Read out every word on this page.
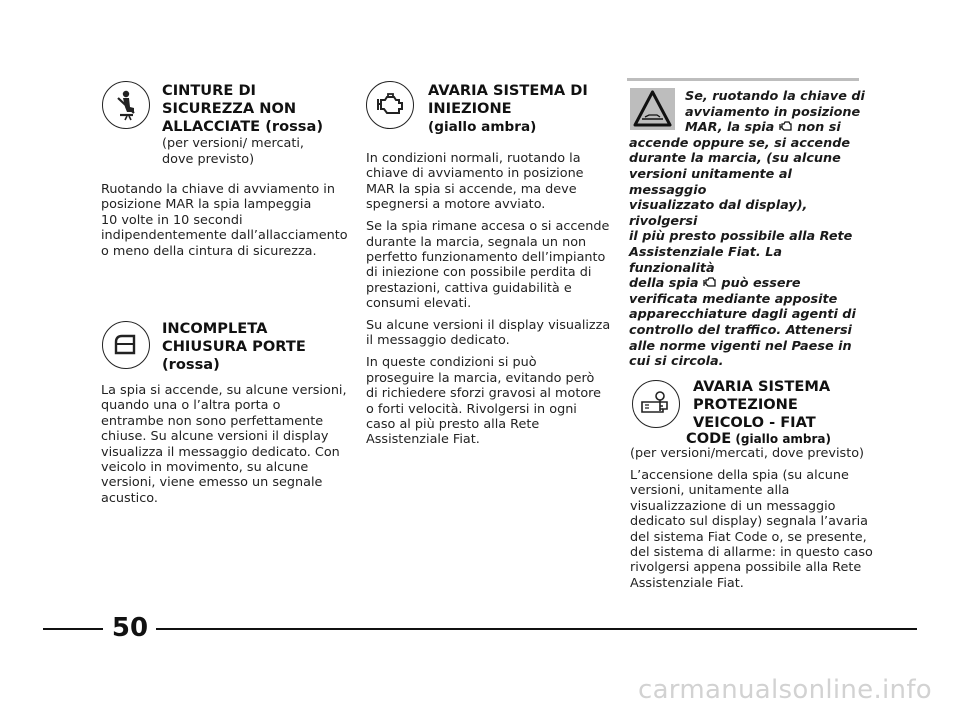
CINTURE DI
SICUREZZA NON
ALLACCIATE (rossa)
(per versioni/ mercati,
dove previsto)
Ruotando la chiave di avviamento in
posizione MAR la spia lampeggia
10 volte in 10 secondi
indipendentemente dall’allacciamento
o meno della cintura di sicurezza.
INCOMPLETA
CHIUSURA PORTE
(rossa)
La spia si accende, su alcune versioni,
quando una o l’altra porta o
entrambe non sono perfettamente
chiuse. Su alcune versioni il display
visualizza il messaggio dedicato. Con
veicolo in movimento, su alcune
versioni, viene emesso un segnale
acustico.
AVARIA SISTEMA DI
INIEZIONE
(giallo ambra)

In condizioni normali, ruotando la
chiave di avviamento in posizione
MAR la spia si accende, ma deve
spegnersi a motore avviato.

Se la spia rimane accesa o si accende
durante la marcia, segnala un non
perfetto funzionamento dell’impianto
di iniezione con possibile perdita di
prestazioni, cattiva guidabilità e
consumi elevati.

Su alcune versioni il display visualizza
il messaggio dedicato.

In queste condizioni si può
proseguire la marcia, evitando però
di richiedere sforzi gravosi al motore
o forti velocità. Rivolgersi in ogni
caso al più presto alla Rete
Assistenziale Fiat.

Se, ruotando la chiave di
avviamento in posizione
MAR, la spia  non si
accende oppure se, si accende
durante la marcia, (su alcune
versioni unitamente al messaggio
visualizzato dal display), rivolgersi
il più presto possibile alla Rete
Assistenziale Fiat. La funzionalità
della spia  può essere
verificata mediante apposite
apparecchiature dagli agenti di
controllo del traffico. Attenersi
alle norme vigenti nel Paese in
cui si circola.
AVARIA SISTEMA
PROTEZIONE
VEICOLO - FIAT
CODE (giallo ambra)

(per versioni/mercati, dove previsto)

L’accensione della spia (su alcune
versioni, unitamente alla
visualizzazione di un messaggio
dedicato sul display) segnala l’avaria
del sistema Fiat Code o, se presente,
del sistema di allarme: in questo caso
rivolgersi appena possibile alla Rete
Assistenziale Fiat.

50
carmanualsonline.info
